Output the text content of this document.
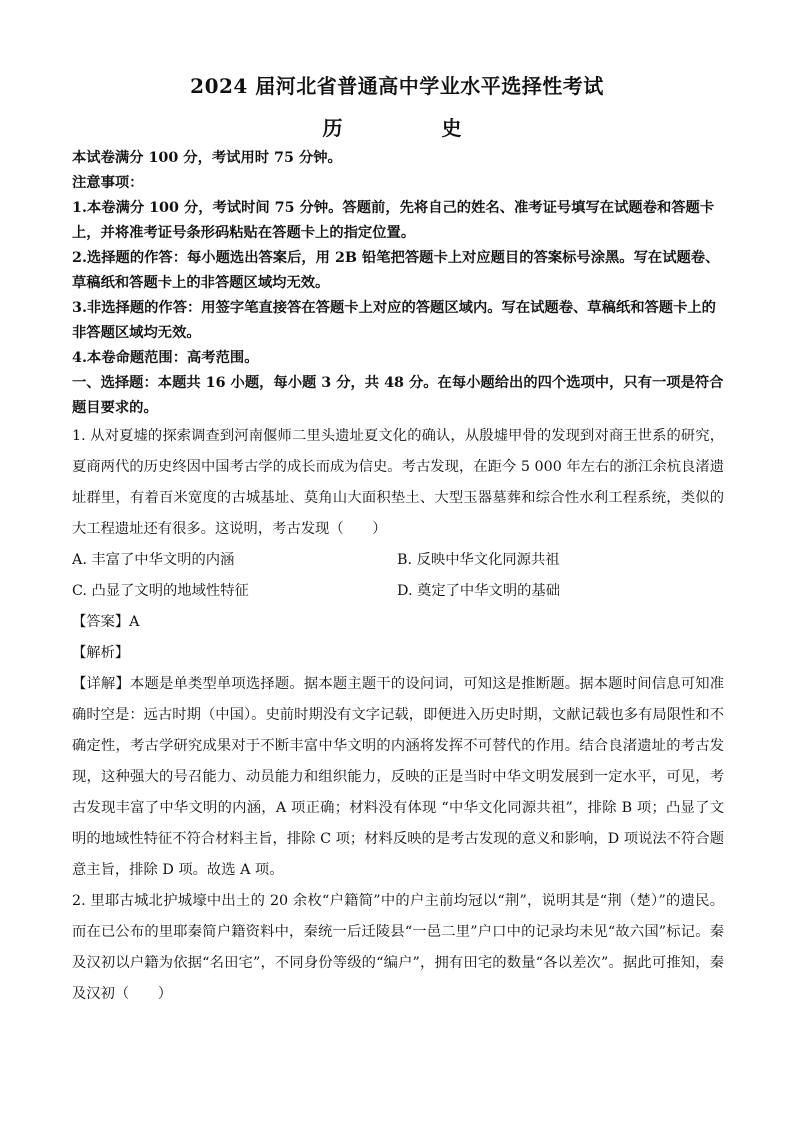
2024 届河北省普通高中学业水平选择性考试
历 史
本试卷满分 100 分，考试用时 75 分钟。
注意事项：
1.本卷满分 100 分，考试时间 75 分钟。答题前，先将自己的姓名、准考证号填写在试题卷和答题卡上，并将准考证号条形码粘贴在答题卡上的指定位置。
2.选择题的作答：每小题选出答案后，用 2B 铅笔把答题卡上对应题目的答案标号涂黑。写在试题卷、草稿纸和答题卡上的非答题区域均无效。
3.非选择题的作答：用签字笔直接答在答题卡上对应的答题区域内。写在试题卷、草稿纸和答题卡上的非答题区域均无效。
4.本卷命题范围：高考范围。
一、选择题：本题共 16 小题，每小题 3 分，共 48 分。在每小题给出的四个选项中，只有一项是符合题目要求的。
1. 从对夏墟的探索调查到河南偃师二里头遗址夏文化的确认，从殷墟甲骨的发现到对商王世系的研究，夏商两代的历史终因中国考古学的成长而成为信史。考古发现，在距今 5 000 年左右的浙江余杭良渚遗址群里，有着百米宽度的古城基址、莫角山大面积垫土、大型玉器墓葬和综合性水利工程系统，类似的大工程遗址还有很多。这说明，考古发现（　　）
A. 丰富了中华文明的内涵	B. 反映中华文化同源共祖
C. 凸显了文明的地域性特征	D. 奠定了中华文明的基础
【答案】A
【解析】
【详解】本题是单类型单项选择题。据本题主题干的设问词，可知这是推断题。据本题时间信息可知准确时空是：远古时期（中国）。史前时期没有文字记载，即便进入历史时期，文献记载也多有局限性和不确定性，考古学研究成果对于不断丰富中华文明的内涵将发挥不可替代的作用。结合良渚遗址的考古发现，这种强大的号召能力、动员能力和组织能力，反映的正是当时中华文明发展到一定水平，可见，考古发现丰富了中华文明的内涵，A 项正确；材料没有体现 “中华文化同源共祖”，排除 B 项；凸显了文明的地域性特征不符合材料主旨，排除 C 项；材料反映的是考古发现的意义和影响，D 项说法不符合题意主旨，排除 D 项。故选 A 项。
2. 里耶古城北护城壕中出土的 20 余枚“户籍简”中的户主前均冠以“荆”，说明其是“荆（楚）”的遗民。而在已公布的里耶秦简户籍资料中，秦统一后迁陵县“一邑二里”户口中的记录均未见“故六国”标记。秦及汉初以户籍为依据“名田宅”，不同身份等级的“编户”，拥有田宅的数量“各以差次”。据此可推知，秦及汉初（　　）
